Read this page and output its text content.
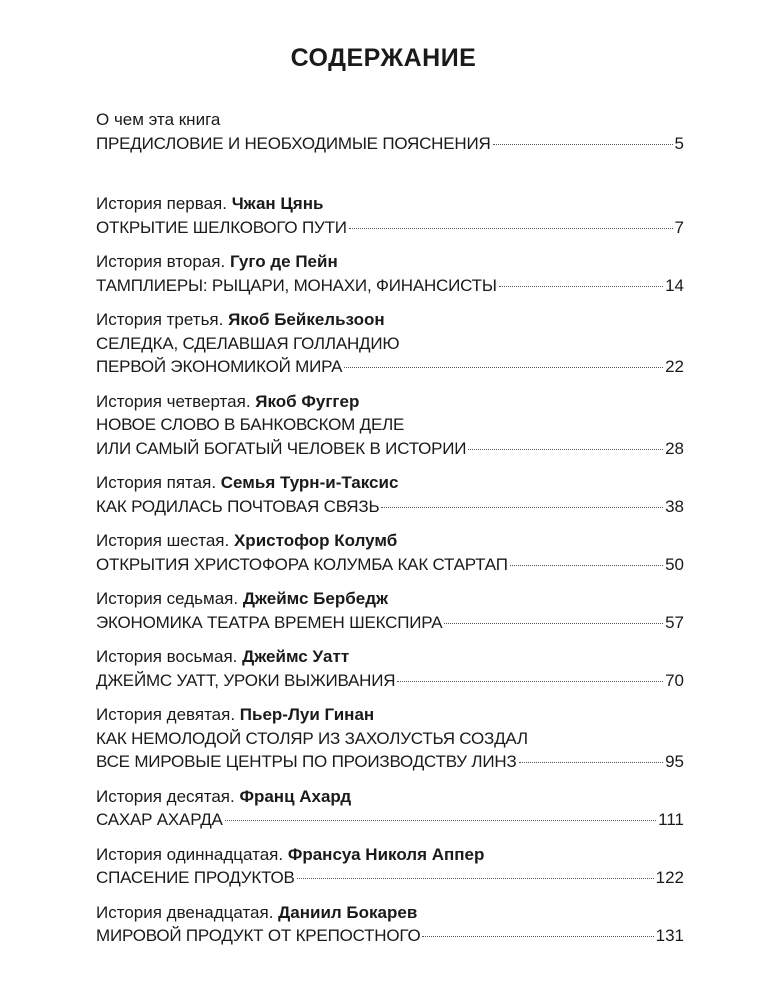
СОДЕРЖАНИЕ
О чем эта книга
ПРЕДИСЛОВИЕ И НЕОБХОДИМЫЕ ПОЯСНЕНИЯ	5
История первая. Чжан Цянь
ОТКРЫТИЕ ШЕЛКОВОГО ПУТИ	7
История вторая. Гуго де Пейн
ТАМПЛИЕРЫ: РЫЦАРИ, МОНАХИ, ФИНАНСИСТЫ	14
История третья. Якоб Бейкельзоон
СЕЛЕДКА, СДЕЛАВШАЯ ГОЛЛАНДИЮ
ПЕРВОЙ ЭКОНОМИКОЙ МИРА	22
История четвертая. Якоб Фуггер
НОВОЕ СЛОВО В БАНКОВСКОМ ДЕЛЕ
ИЛИ САМЫЙ БОГАТЫЙ ЧЕЛОВЕК В ИСТОРИИ	28
История пятая. Семья Турн-и-Таксис
КАК РОДИЛАСЬ ПОЧТОВАЯ СВЯЗЬ	38
История шестая. Христофор Колумб
ОТКРЫТИЯ ХРИСТОФОРА КОЛУМБА КАК СТАРТАП	50
История седьмая. Джеймс Бербедж
ЭКОНОМИКА ТЕАТРА ВРЕМЕН ШЕКСПИРА	57
История восьмая. Джеймс Уатт
ДЖЕЙМС УАТТ, УРОКИ ВЫЖИВАНИЯ	70
История девятая. Пьер-Луи Гинан
КАК НЕМОЛОДОЙ СТОЛЯР ИЗ ЗАХОЛУСТЬЯ СОЗДАЛ
ВСЕ МИРОВЫЕ ЦЕНТРЫ ПО ПРОИЗВОДСТВУ ЛИНЗ	95
История десятая. Франц Ахард
САХАР АХАРДА	111
История одиннадцатая. Франсуа Николя Аппер
СПАСЕНИЕ ПРОДУКТОВ	122
История двенадцатая. Даниил Бокарев
МИРОВОЙ ПРОДУКТ ОТ КРЕПОСТНОГО	131
